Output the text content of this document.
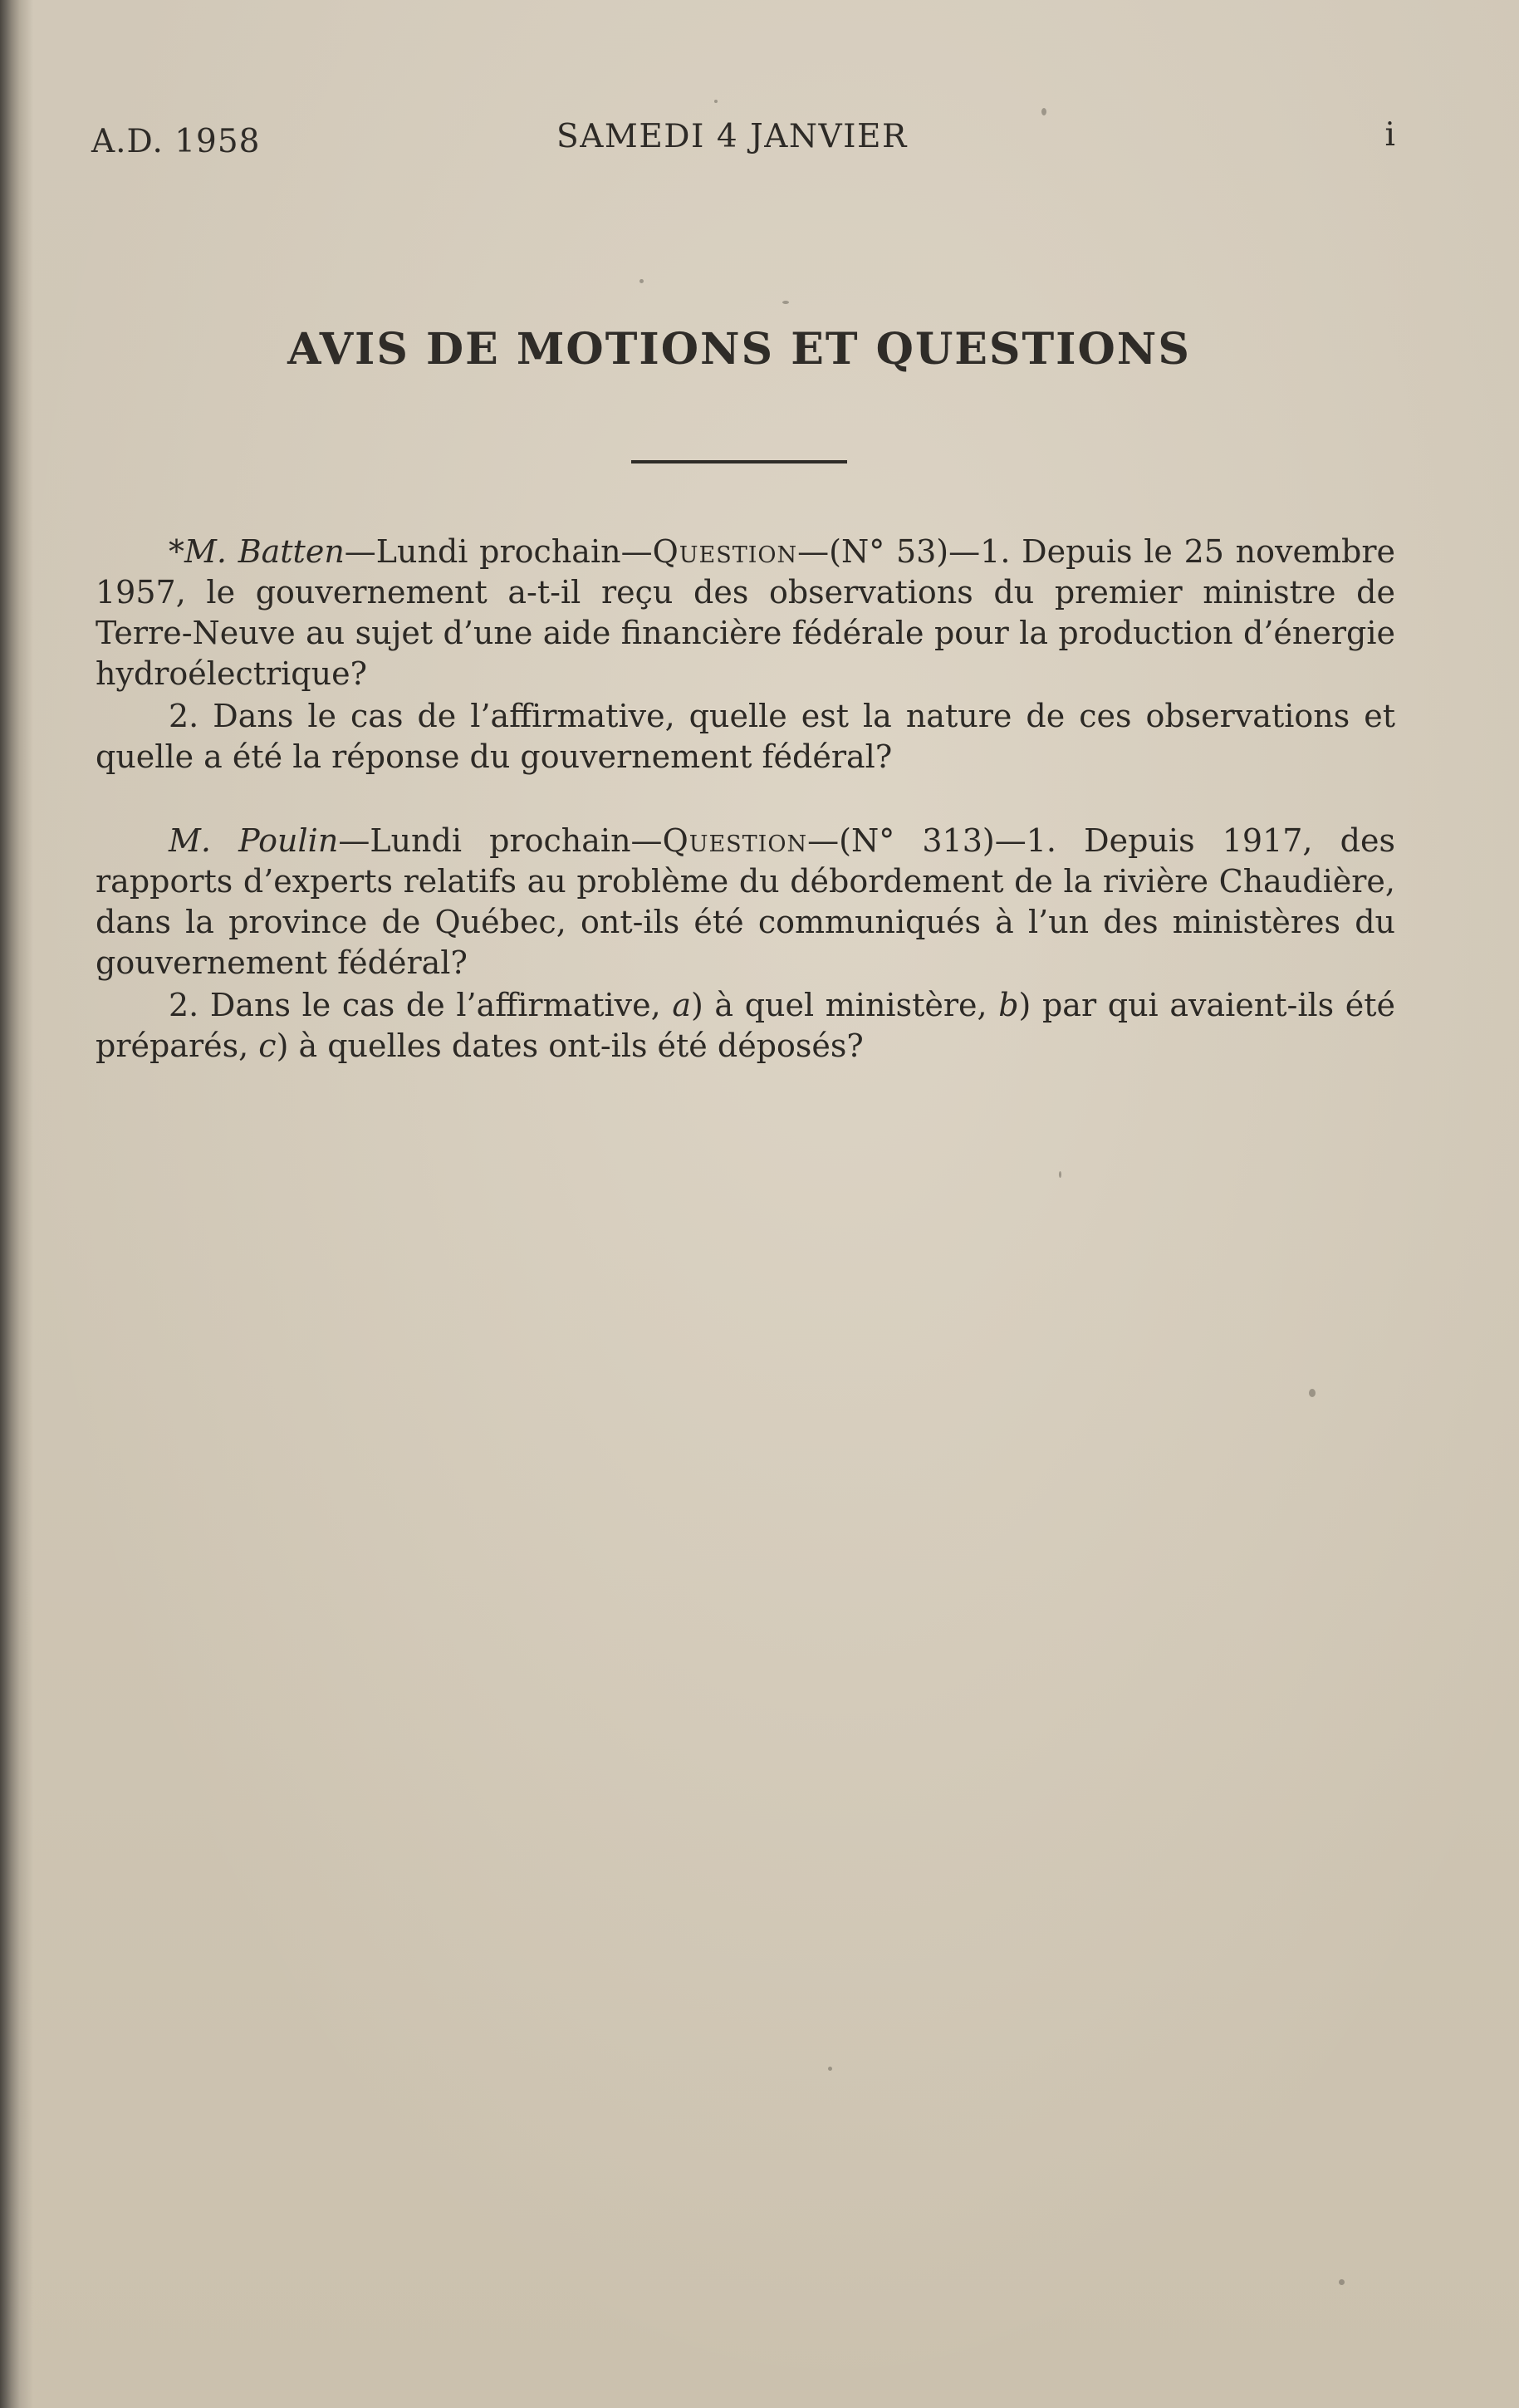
A.D. 1958	SAMEDI 4 JANVIER	i
AVIS DE MOTIONS ET QUESTIONS

*M. Batten—Lundi prochain—Question—(N° 53)—1. Depuis le 25 novembre 1957, le gouvernement a-t-il reçu des observations du premier ministre de Terre-Neuve au sujet d’une aide financière fédérale pour la production d’énergie hydroélectrique?

2. Dans le cas de l’affirmative, quelle est la nature de ces observations et quelle a été la réponse du gouvernement fédéral?

M. Poulin—Lundi prochain—Question—(N° 313)—1. Depuis 1917, des rapports d’experts relatifs au problème du débordement de la rivière Chaudière, dans la province de Québec, ont-ils été communiqués à l’un des ministères du gouvernement fédéral?

2. Dans le cas de l’affirmative, a) à quel ministère, b) par qui avaient-ils été préparés, c) à quelles dates ont-ils été déposés?
